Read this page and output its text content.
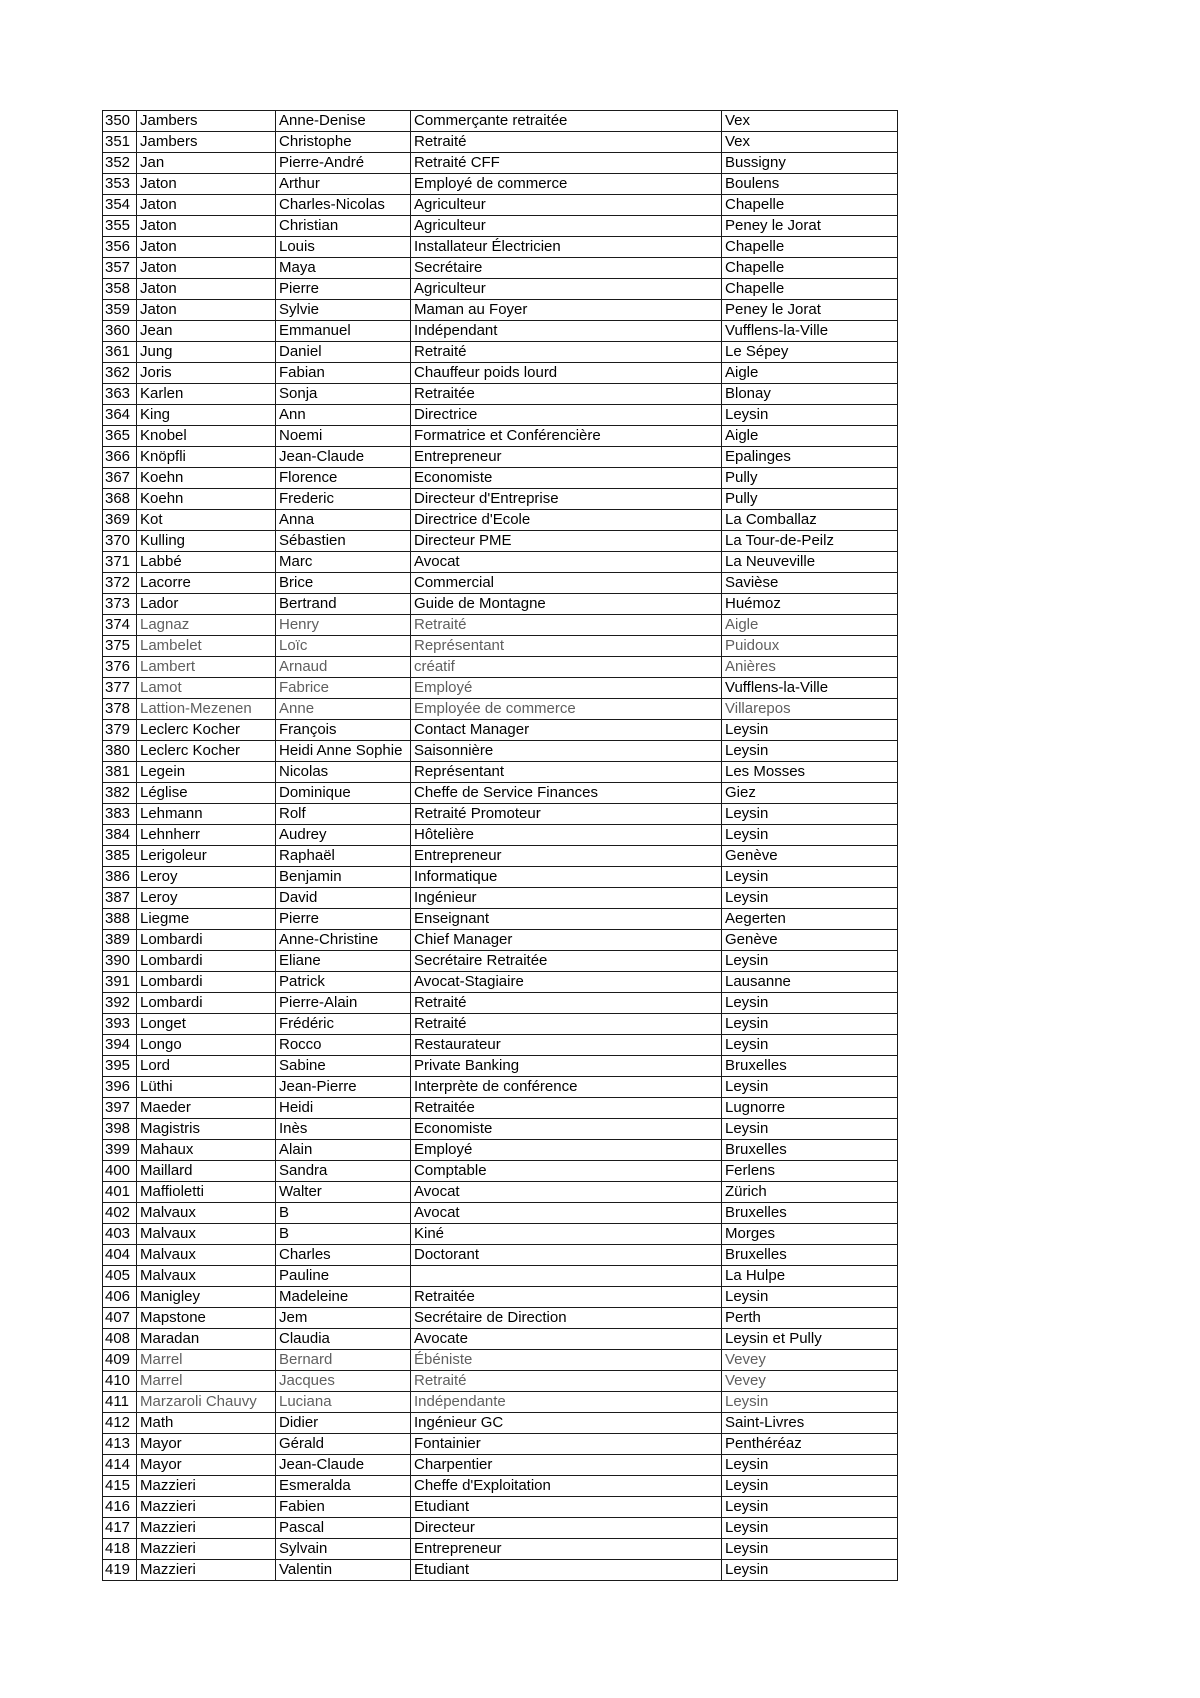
350	Jambers	Anne-Denise	Commerçante retraitée	Vex
351	Jambers	Christophe	Retraité	Vex
352	Jan	Pierre-André	Retraité CFF	Bussigny
353	Jaton	Arthur	Employé de commerce	Boulens
354	Jaton	Charles-Nicolas	Agriculteur	Chapelle
355	Jaton	Christian	Agriculteur	Peney le Jorat
356	Jaton	Louis	Installateur Électricien	Chapelle
357	Jaton	Maya	Secrétaire	Chapelle
358	Jaton	Pierre	Agriculteur	Chapelle
359	Jaton	Sylvie	Maman au Foyer	Peney le Jorat
360	Jean	Emmanuel	Indépendant	Vufflens-la-Ville
361	Jung	Daniel	Retraité	Le Sépey
362	Joris	Fabian	Chauffeur poids lourd	Aigle
363	Karlen	Sonja	Retraitée	Blonay
364	King	Ann	Directrice	Leysin
365	Knobel	Noemi	Formatrice et Conférencière	Aigle
366	Knöpfli	Jean-Claude	Entrepreneur	Epalinges
367	Koehn	Florence	Economiste	Pully
368	Koehn	Frederic	Directeur d'Entreprise	Pully
369	Kot	Anna	Directrice d'Ecole	La Comballaz
370	Kulling	Sébastien	Directeur PME	La Tour-de-Peilz
371	Labbé	Marc	Avocat	La Neuveville
372	Lacorre	Brice	Commercial	Savièse
373	Lador	Bertrand	Guide de Montagne	Huémoz
374	Lagnaz	Henry	Retraité	Aigle
375	Lambelet	Loïc	Représentant	Puidoux
376	Lambert	Arnaud	créatif	Anières
377	Lamot	Fabrice	Employé	Vufflens-la-Ville
378	Lattion-Mezenen	Anne	Employée de commerce	Villarepos
379	Leclerc Kocher	François	Contact Manager	Leysin
380	Leclerc Kocher	Heidi Anne Sophie	Saisonnière	Leysin
381	Legein	Nicolas	Représentant	Les Mosses
382	Léglise	Dominique	Cheffe de Service Finances	Giez
383	Lehmann	Rolf	Retraité Promoteur	Leysin
384	Lehnherr	Audrey	Hôtelière	Leysin
385	Lerigoleur	Raphaël	Entrepreneur	Genève
386	Leroy	Benjamin	Informatique	Leysin
387	Leroy	David	Ingénieur	Leysin
388	Liegme	Pierre	Enseignant	Aegerten
389	Lombardi	Anne-Christine	Chief Manager	Genève
390	Lombardi	Eliane	Secrétaire Retraitée	Leysin
391	Lombardi	Patrick	Avocat-Stagiaire	Lausanne
392	Lombardi	Pierre-Alain	Retraité	Leysin
393	Longet	Frédéric	Retraité	Leysin
394	Longo	Rocco	Restaurateur	Leysin
395	Lord	Sabine	Private Banking	Bruxelles
396	Lüthi	Jean-Pierre	Interprète de conférence	Leysin
397	Maeder	Heidi	Retraitée	Lugnorre
398	Magistris	Inès	Economiste	Leysin
399	Mahaux	Alain	Employé	Bruxelles
400	Maillard	Sandra	Comptable	Ferlens
401	Maffioletti	Walter	Avocat	Zürich
402	Malvaux	B	Avocat	Bruxelles
403	Malvaux	B	Kiné	Morges
404	Malvaux	Charles	Doctorant	Bruxelles
405	Malvaux	Pauline		La Hulpe
406	Manigley	Madeleine	Retraitée	Leysin
407	Mapstone	Jem	Secrétaire de Direction	Perth
408	Maradan	Claudia	Avocate	Leysin et Pully
409	Marrel	Bernard	Ébéniste	Vevey
410	Marrel	Jacques	Retraité	Vevey
411	Marzaroli Chauvy	Luciana	Indépendante	Leysin
412	Math	Didier	Ingénieur GC	Saint-Livres
413	Mayor	Gérald	Fontainier	Penthéréaz
414	Mayor	Jean-Claude	Charpentier	Leysin
415	Mazzieri	Esmeralda	Cheffe d'Exploitation	Leysin
416	Mazzieri	Fabien	Etudiant	Leysin
417	Mazzieri	Pascal	Directeur	Leysin
418	Mazzieri	Sylvain	Entrepreneur	Leysin
419	Mazzieri	Valentin	Etudiant	Leysin
